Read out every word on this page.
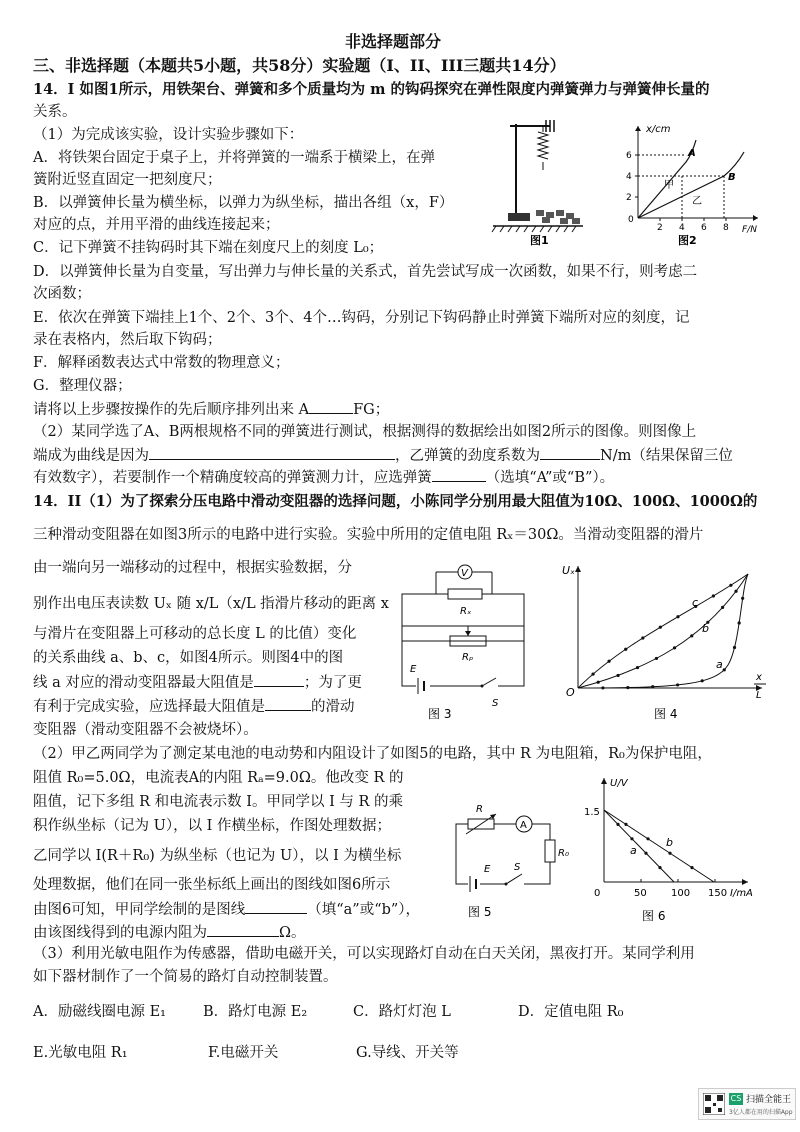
非选择题部分
三、非选择题（本题共5小题，共58分）实验题（I、II、III三题共14分）
14．I 如图1所示，用铁架台、弹簧和多个质量均为 m 的钩码探究在弹性限度内弹簧弹力与弹簧伸长量的
关系。
（1）为完成该实验，设计实验步骤如下：
A．将铁架台固定于桌子上，并将弹簧的一端系于横梁上，在弹
簧附近竖直固定一把刻度尺；
B．以弹簧伸长量为横坐标，以弹力为纵坐标，描出各组（x，F）
对应的点，并用平滑的曲线连接起来；
C．记下弹簧不挂钩码时其下端在刻度尺上的刻度 L₀；
D．以弹簧伸长量为自变量，写出弹力与伸长量的关系式，首先尝试写成一次函数，如果不行，则考虑二
次函数；
E．依次在弹簧下端挂上1个、2个、3个、4个…钩码，分别记下钩码静止时弹簧下端所对应的刻度，记
录在表格内，然后取下钩码；
F．解释函数表达式中常数的物理意义；
G．整理仪器；
请将以上步骤按操作的先后顺序排列出来 A	FG；
（2）某同学选了A、B两根规格不同的弹簧进行测试，根据测得的数据绘出如图2所示的图像。则图像上
端成为曲线是因为	，乙弹簧的劲度系数为	N/m（结果保留三位
有效数字），若要制作一个精确度较高的弹簧测力计，应选弹簧	（选填“A”或“B”）。
图1
x/cm
F/N
0
2
4
6
2 4 6 8
A
B
甲
乙
图2
14．II（1）为了探索分压电路中滑动变阻器的选择问题，小陈同学分别用最大阻值为10Ω、100Ω、1000Ω的
三种滑动变阻器在如图3所示的电路中进行实验。实验中所用的定值电阻 Rₓ＝30Ω。当滑动变阻器的滑片
由一端向另一端移动的过程中，根据实验数据，分
别作出电压表读数 Uₓ 随 x/L（x/L 指滑片移动的距离 x
与滑片在变阻器上可移动的总长度 L 的比值）变化
的关系曲线 a、b、c，如图4所示。则图4中的图
线 a 对应的滑动变阻器最大阻值是	；为了更
有利于完成实验，应选择最大阻值是	的滑动
变阻器（滑动变阻器不会被烧坏）。
V
Rₓ
Rₚ
E
S
图 3
Uₓ
x
L
O
a
b
c
图 4
（2）甲乙两同学为了测定某电池的电动势和内阻设计了如图5的电路，其中 R 为电阻箱，R₀为保护电阻，
阻值 R₀=5.0Ω，电流表A的内阻 Rₐ=9.0Ω。他改变 R 的
阻值，记下多组 R 和电流表示数 I。甲同学以 I 与 R 的乘
积作纵坐标（记为 U），以 I 作横坐标，作图处理数据；
乙同学以 I(R＋R₀) 为纵坐标（也记为 U），以 I 为横坐标
处理数据，他们在同一张坐标纸上画出的图线如图6所示
由图6可知，甲同学绘制的是图线	（填“a”或“b”），
由该图线得到的电源内阻为	Ω。
R
A
R₀
E S
图 5
U/V
I/mA
0
1.5
50 100 150
a
b
图 6
（3）利用光敏电阻作为传感器，借助电磁开关，可以实现路灯自动在白天关闭，黑夜打开。某同学利用
如下器材制作了一个简易的路灯自动控制装置。
A．励磁线圈电源 E₁	B．路灯电源 E₂	C．路灯灯泡 L	D．定值电阻 R₀
E.光敏电阻 R₁	F.电磁开关	G.导线、开关等
CS 扫描全能王
3亿人都在用的扫描App
